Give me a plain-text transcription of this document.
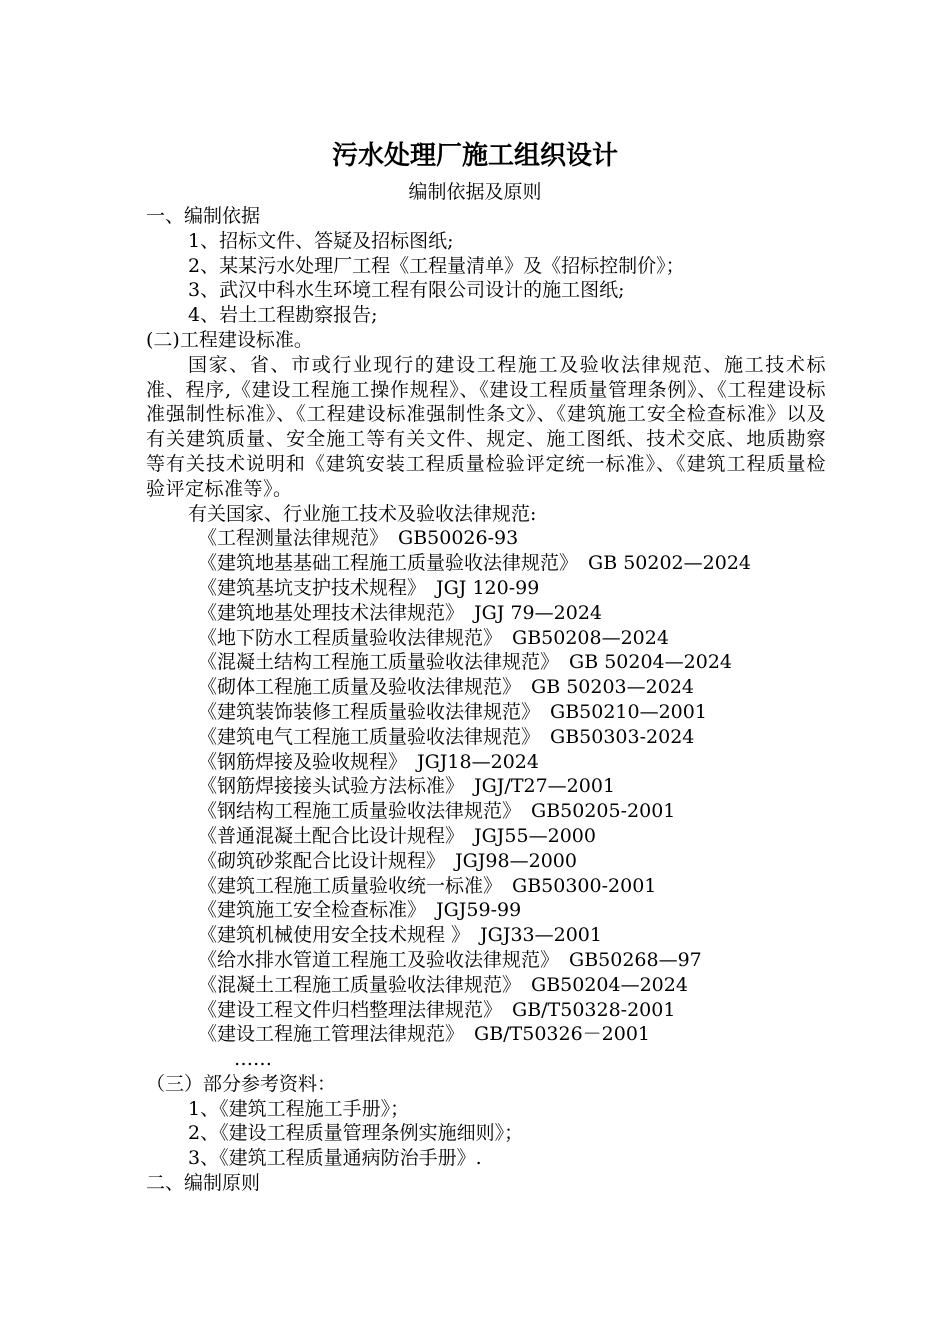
污水处理厂施工组织设计
编制依据及原则
一、编制依据
1、招标文件、答疑及招标图纸;
2、某某污水处理厂工程《工程量清单》及《招标控制价》；
3、武汉中科水生环境工程有限公司设计的施工图纸;
4、岩土工程勘察报告;
(二)工程建设标准。
国家、省、市或行业现行的建设工程施工及验收法律规范、施工技术标准、程序,《建设工程施工操作规程》、《建设工程质量管理条例》、《工程建设标准强制性标准》、《工程建设标准强制性条文》、《建筑施工安全检查标准》以及有关建筑质量、安全施工等有关文件、规定、施工图纸、技术交底、地质勘察等有关技术说明和《建筑安装工程质量检验评定统一标准》、《建筑工程质量检验评定标准等》。
有关国家、行业施工技术及验收法律规范:
《工程测量法律规范》 GB50026-93
《建筑地基基础工程施工质量验收法律规范》 GB 50202—2024
《建筑基坑支护技术规程》 JGJ 120-99
《建筑地基处理技术法律规范》 JGJ 79—2024
《地下防水工程质量验收法律规范》 GB50208—2024
《混凝土结构工程施工质量验收法律规范》 GB 50204—2024
《砌体工程施工质量及验收法律规范》 GB 50203—2024
《建筑装饰装修工程质量验收法律规范》 GB50210—2001
《建筑电气工程施工质量验收法律规范》 GB50303-2024
《钢筋焊接及验收规程》 JGJ18—2024
《钢筋焊接接头试验方法标准》 JGJ/T27—2001
《钢结构工程施工质量验收法律规范》 GB50205-2001
《普通混凝土配合比设计规程》 JGJ55—2000
《砌筑砂浆配合比设计规程》 JGJ98—2000
《建筑工程施工质量验收统一标准》 GB50300-2001
《建筑施工安全检查标准》 JGJ59-99
《建筑机械使用安全技术规程 》 JGJ33—2001
《给水排水管道工程施工及验收法律规范》 GB50268—97
《混凝土工程施工质量验收法律规范》 GB50204—2024
《建设工程文件归档整理法律规范》 GB/T50328-2001
《建设工程施工管理法律规范》 GB/T50326－2001
……
（三）部分参考资料：
1、《建筑工程施工手册》；
2、《建设工程质量管理条例实施细则》；
3、《建筑工程质量通病防治手册》.
二、编制原则
